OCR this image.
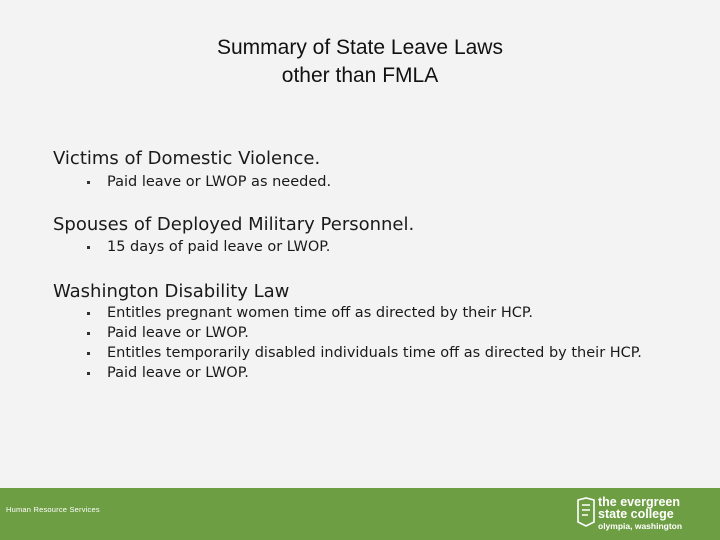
Summary of State Leave Laws
other than FMLA
Victims of Domestic Violence.
Paid leave or LWOP as needed.
Spouses of Deployed Military Personnel.
15 days of paid leave or LWOP.
Washington Disability Law
Entitles pregnant women time off as directed by their HCP.
Paid leave or LWOP.
Entitles temporarily disabled individuals time off as directed by their HCP.
Paid leave or LWOP.
Human Resource Services
the evergreen
state college
olympia, washington
